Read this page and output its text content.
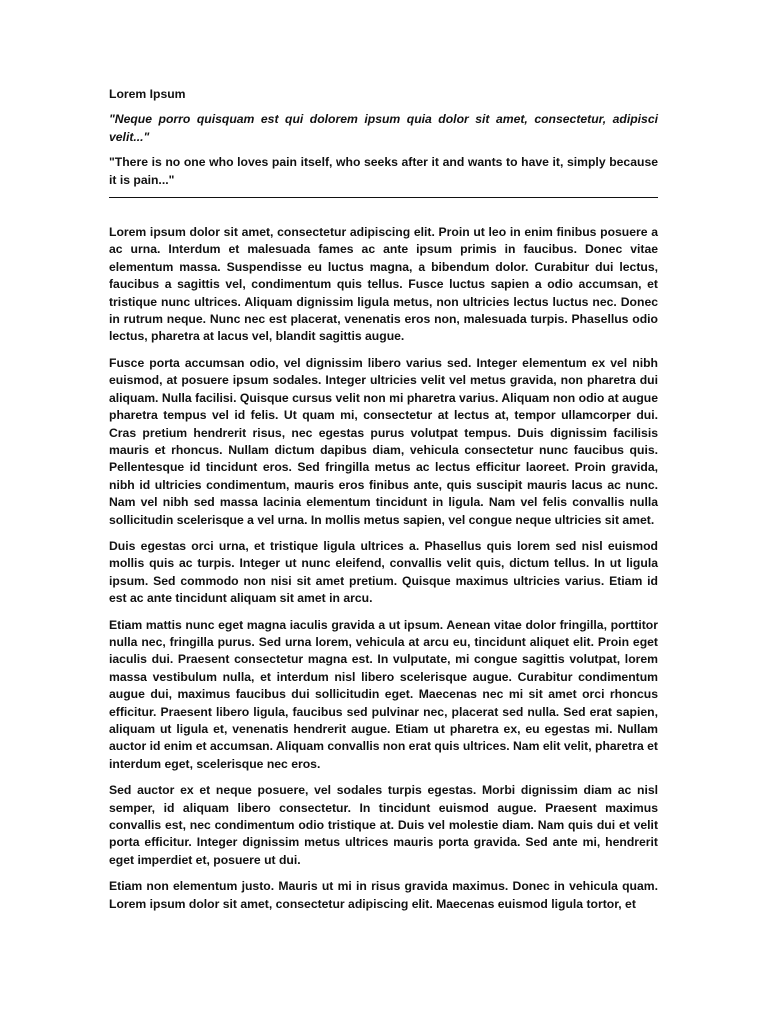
Lorem Ipsum

"Neque porro quisquam est qui dolorem ipsum quia dolor sit amet, consectetur, adipisci velit..."

"There is no one who loves pain itself, who seeks after it and wants to have it, simply because it is pain..."

Lorem ipsum dolor sit amet, consectetur adipiscing elit. Proin ut leo in enim finibus posuere a ac urna. Interdum et malesuada fames ac ante ipsum primis in faucibus. Donec vitae elementum massa. Suspendisse eu luctus magna, a bibendum dolor. Curabitur dui lectus, faucibus a sagittis vel, condimentum quis tellus. Fusce luctus sapien a odio accumsan, et tristique nunc ultrices. Aliquam dignissim ligula metus, non ultricies lectus luctus nec. Donec in rutrum neque. Nunc nec est placerat, venenatis eros non, malesuada turpis. Phasellus odio lectus, pharetra at lacus vel, blandit sagittis augue.

Fusce porta accumsan odio, vel dignissim libero varius sed. Integer elementum ex vel nibh euismod, at posuere ipsum sodales. Integer ultricies velit vel metus gravida, non pharetra dui aliquam. Nulla facilisi. Quisque cursus velit non mi pharetra varius. Aliquam non odio at augue pharetra tempus vel id felis. Ut quam mi, consectetur at lectus at, tempor ullamcorper dui. Cras pretium hendrerit risus, nec egestas purus volutpat tempus. Duis dignissim facilisis mauris et rhoncus. Nullam dictum dapibus diam, vehicula consectetur nunc faucibus quis. Pellentesque id tincidunt eros. Sed fringilla metus ac lectus efficitur laoreet. Proin gravida, nibh id ultricies condimentum, mauris eros finibus ante, quis suscipit mauris lacus ac nunc. Nam vel nibh sed massa lacinia elementum tincidunt in ligula. Nam vel felis convallis nulla sollicitudin scelerisque a vel urna. In mollis metus sapien, vel congue neque ultricies sit amet.

Duis egestas orci urna, et tristique ligula ultrices a. Phasellus quis lorem sed nisl euismod mollis quis ac turpis. Integer ut nunc eleifend, convallis velit quis, dictum tellus. In ut ligula ipsum. Sed commodo non nisi sit amet pretium. Quisque maximus ultricies varius. Etiam id est ac ante tincidunt aliquam sit amet in arcu.

Etiam mattis nunc eget magna iaculis gravida a ut ipsum. Aenean vitae dolor fringilla, porttitor nulla nec, fringilla purus. Sed urna lorem, vehicula at arcu eu, tincidunt aliquet elit. Proin eget iaculis dui. Praesent consectetur magna est. In vulputate, mi congue sagittis volutpat, lorem massa vestibulum nulla, et interdum nisl libero scelerisque augue. Curabitur condimentum augue dui, maximus faucibus dui sollicitudin eget. Maecenas nec mi sit amet orci rhoncus efficitur. Praesent libero ligula, faucibus sed pulvinar nec, placerat sed nulla. Sed erat sapien, aliquam ut ligula et, venenatis hendrerit augue. Etiam ut pharetra ex, eu egestas mi. Nullam auctor id enim et accumsan. Aliquam convallis non erat quis ultrices. Nam elit velit, pharetra et interdum eget, scelerisque nec eros.

Sed auctor ex et neque posuere, vel sodales turpis egestas. Morbi dignissim diam ac nisl semper, id aliquam libero consectetur. In tincidunt euismod augue. Praesent maximus convallis est, nec condimentum odio tristique at. Duis vel molestie diam. Nam quis dui et velit porta efficitur. Integer dignissim metus ultrices mauris porta gravida. Sed ante mi, hendrerit eget imperdiet et, posuere ut dui.

Etiam non elementum justo. Mauris ut mi in risus gravida maximus. Donec in vehicula quam. Lorem ipsum dolor sit amet, consectetur adipiscing elit. Maecenas euismod ligula tortor, et
